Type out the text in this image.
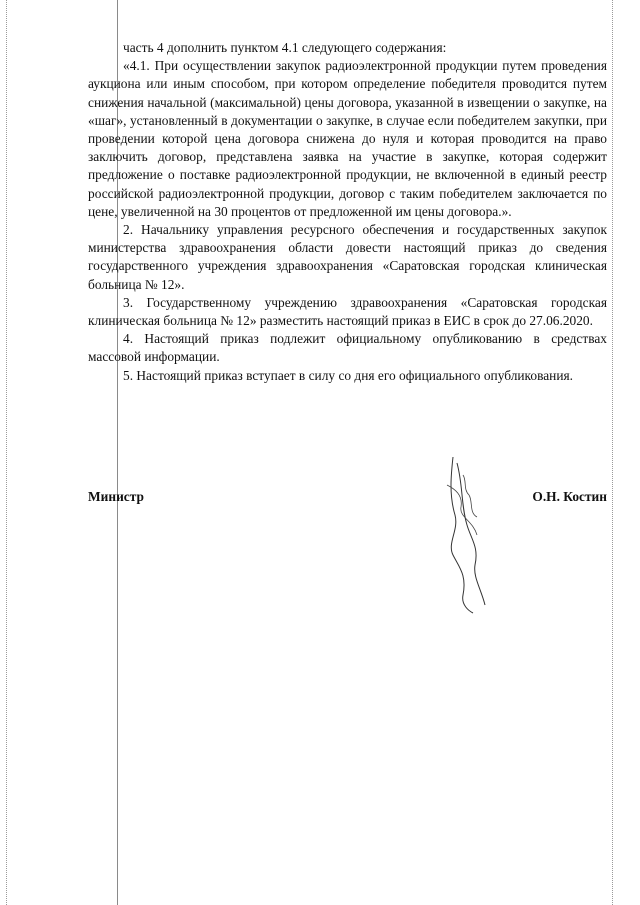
часть 4 дополнить пунктом 4.1 следующего содержания:

«4.1. При осуществлении закупок радиоэлектронной продукции путем проведения аукциона или иным способом, при котором определение победителя проводится путем снижения начальной (максимальной) цены договора, указанной в извещении о закупке, на «шаг», установленный в документации о закупке, в случае если победителем закупки, при проведении которой цена договора снижена до нуля и которая проводится на право заключить договор, представлена заявка на участие в закупке, которая содержит предложение о поставке радиоэлектронной продукции, не включенной в единый реестр российской радиоэлектронной продукции, договор с таким победителем заключается по цене, увеличенной на 30 процентов от предложенной им цены договора.».

2. Начальнику управления ресурсного обеспечения и государственных закупок министерства здравоохранения области довести настоящий приказ до сведения государственного учреждения здравоохранения «Саратовская городская клиническая больница № 12».

3. Государственному учреждению здравоохранения «Саратовская городская клиническая больница № 12» разместить настоящий приказ в ЕИС в срок до 27.06.2020.

4. Настоящий приказ подлежит официальному опубликованию в средствах массовой информации.

5. Настоящий приказ вступает в силу со дня его официального опубликования.

Министр	О.Н. Костин
